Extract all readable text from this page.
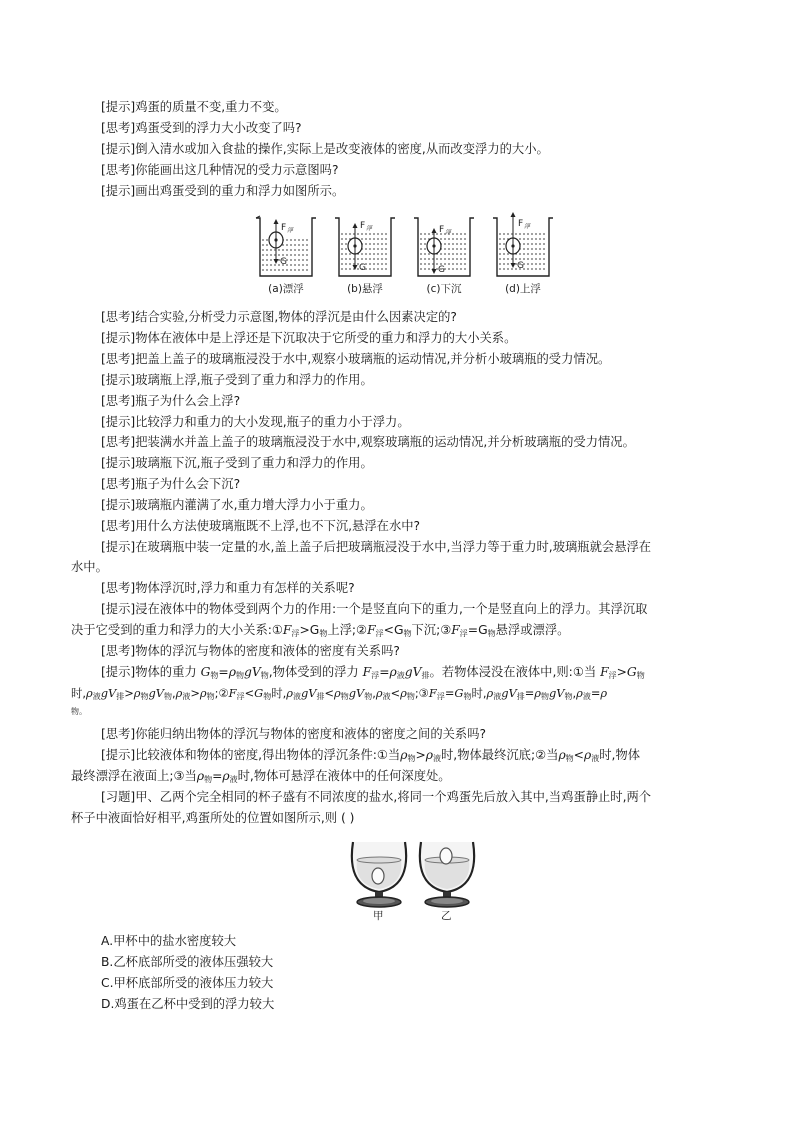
[提示]鸡蛋的质量不变,重力不变。
[思考]鸡蛋受到的浮力大小改变了吗?
[提示]倒入清水或加入食盐的操作,实际上是改变液体的密度,从而改变浮力的大小。
[思考]你能画出这几种情况的受力示意图吗?
[提示]画出鸡蛋受到的重力和浮力如图所示。
F 浮
G
(a)漂浮
F 浮
G
(b)悬浮
F 浮
G
(c)下沉
F 浮
G
(d)上浮
[思考]结合实验,分析受力示意图,物体的浮沉是由什么因素决定的?
[提示]物体在液体中是上浮还是下沉取决于它所受的重力和浮力的大小关系。
[思考]把盖上盖子的玻璃瓶浸没于水中,观察小玻璃瓶的运动情况,并分析小玻璃瓶的受力情况。
[提示]玻璃瓶上浮,瓶子受到了重力和浮力的作用。
[思考]瓶子为什么会上浮?
[提示]比较浮力和重力的大小发现,瓶子的重力小于浮力。
[思考]把装满水并盖上盖子的玻璃瓶浸没于水中,观察玻璃瓶的运动情况,并分析玻璃瓶的受力情况。
[提示]玻璃瓶下沉,瓶子受到了重力和浮力的作用。
[思考]瓶子为什么会下沉?
[提示]玻璃瓶内灌满了水,重力增大浮力小于重力。
[思考]用什么方法使玻璃瓶既不上浮,也不下沉,悬浮在水中?
[提示]在玻璃瓶中装一定量的水,盖上盖子后把玻璃瓶浸没于水中,当浮力等于重力时,玻璃瓶就会悬浮在
水中。
[思考]物体浮沉时,浮力和重力有怎样的关系呢?
[提示]浸在液体中的物体受到两个力的作用:一个是竖直向下的重力,一个是竖直向上的浮力。其浮沉取
决于它受到的重力和浮力的大小关系$:①F_浮>G_物$上浮$;②F_浮<G_物$下沉$;③F_浮=G_物$悬浮或漂浮。
[思考]物体的浮沉与物体的密度和液体的密度有关系吗?
[提示]物体的重力 $G_物=\rho_物gV_物$,物体受到的浮力 $F_浮=\rho_液gV_排$。若物体浸没在液体中,则:①当 $F_浮>G_物$
时$,\rho_液gV_排>\rho_物gV_物,\rho_液>\rho_物;②F_浮<G_物$时$,\rho_液gV_排<\rho_物gV_物,\rho_液<\rho_物;③F_浮=G_物$时$,\rho_液gV_排=\rho_物gV_物,\rho_液=\rho$
物。
[思考]你能归纳出物体的浮沉与物体的密度和液体的密度之间的关系吗?
[提示]比较液体和物体的密度,得出物体的浮沉条件:①当$\rho_物>\rho_液$时,物体最终沉底;②当$\rho_物<\rho_液$时,物体
最终漂浮在液面上;③当$\rho_物=\rho_液$时,物体可悬浮在液体中的任何深度处。
[习题]甲、乙两个完全相同的杯子盛有不同浓度的盐水,将同一个鸡蛋先后放入其中,当鸡蛋静止时,两个
杯子中液面恰好相平,鸡蛋所处的位置如图所示,则 ( )
甲	乙
A.甲杯中的盐水密度较大
B.乙杯底部所受的液体压强较大
C.甲杯底部所受的液体压力较大
D.鸡蛋在乙杯中受到的浮力较大
